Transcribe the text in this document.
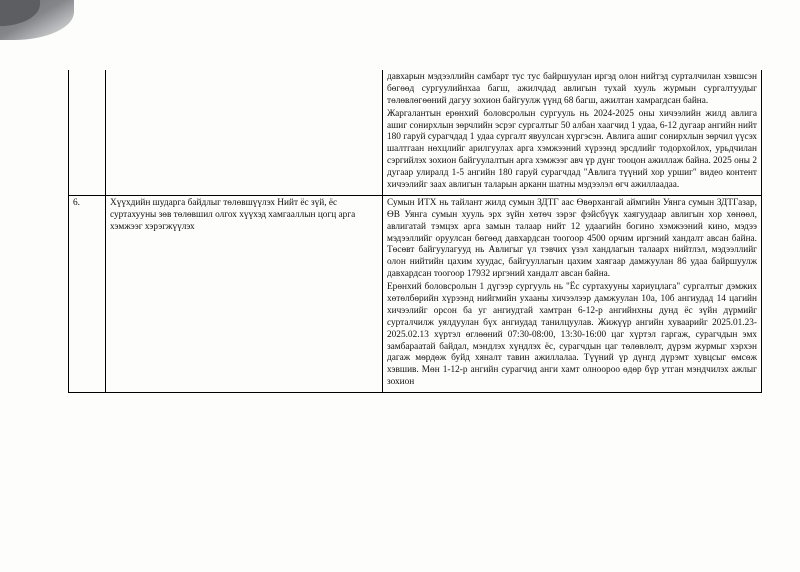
		давхарын мэдээллийн самбарт тус тус байршуулан иргэд олон нийтэд сурталчилан хэвшсэн бөгөөд сургуулийнхаа багш, ажилчдад авлигын тухай хууль журмын сургалтуудыг төлөвлөгөөний дагуу зохион байгуулж үүнд 68 багш, ажилтан хамрагдсан байна.

Жаргалантын ерөнхий боловсролын сургууль нь 2024-2025 оны хичээлийн жилд авлига ашиг сонирхлын зөрчлийн эсрэг сургалтыг 50 албан хаагчид 1 удаа, 6-12 дугаар ангийн нийт 180 гаруй сурагчдад 1 удаа сургалт явуулсан хүргэсэн. Авлига ашиг сонирхлын зөрчил үүсэх шалтгаан нөхцлийг арилгуулах арга хэмжээний хүрээнд эрсдлийг тодорхойлох, урьдчилан сэргийлэх зохион байгуулалтын арга хэмжээг авч үр дүнг тооцон ажиллаж байна. 2025 оны 2 дугаар улиралд 1-5 ангийн 180 гаруй сурагчдад "Авлига түүний хор уршиг" видео контент хичээлийг заах авлигын таларын арканн шатны мэдээлэл өгч ажиллаадаа.

6.	Хүүхдийн шударга байдлыг төлөвшүүлэх Нийт ёс зүй, ёс суртахууны зөв төлөвшил олгох хүүхэд хамгааллын цогц арга хэмжээг хэрэгжүүлэх	Сумын ИТХ нь тайлант жилд сумын ЗДТГ аас Өвөрхангай аймгийн Уянга сумын ЗДТГазар, ӨВ Уянга сумын хууль эрх зүйн хөтөч зэрэг фэйсбүүк хаягуудаар авлигын хор хөнөөл, авлигатай тэмцэх арга замын талаар нийт 12 удаагийн богино хэмжээний кино, мэдээ мэдээллийг оруулсан бөгөөд давхардсан тоогоор 4500 орчим иргэний хандалт авсан байна. Төсөвт байгуулагууд нь Авлигыг үл тэвчих үзэл хандлагын талаарх нийтлэл, мэдээллийг олон нийтийн цахим хуудас, байгууллагын цахим хаягаар дамжуулан 86 удаа байршуулж давхардсан тоогоор 17932 иргэний хандалт авсан байна.

Ерөнхий боловсролын 1 дүгээр сургууль нь "Ёс суртахууны хариуцлага" сургалтыг дэмжих хөтөлбөрийн хүрээнд нийгмийн ухааны хичээлээр дамжуулан 10а, 10б ангиудад 14 цагийн хичээлийг орсон ба уг ангиудтай хамтран 6-12-р ангийнхны дунд ёс зүйн дүрмийг сурталчилж уялдуулан бүх ангиудад танилцуулав. Жижүүр ангийн хуваарийг 2025.01.23-2025.02.13 хүртэл өглөөний 07:30-08:00, 13:30-16:00 цаг хүртэл гаргаж, сурагчдын эмх замбараатай байдал, мэндлэх хүндлэх ёс, сурагчдын цаг төлөвлөлт, дүрэм журмыг хэрхэн дагаж мөрдөж буйд хяналт тавин ажиллалаа. Түүний үр дүнгд дүрэмт хувцсыг өмсөж хэвшив. Мөн 1-12-р ангийн сурагчид анги хамт олноороо өдөр бүр утган мэндчилэх ажлыг зохион
